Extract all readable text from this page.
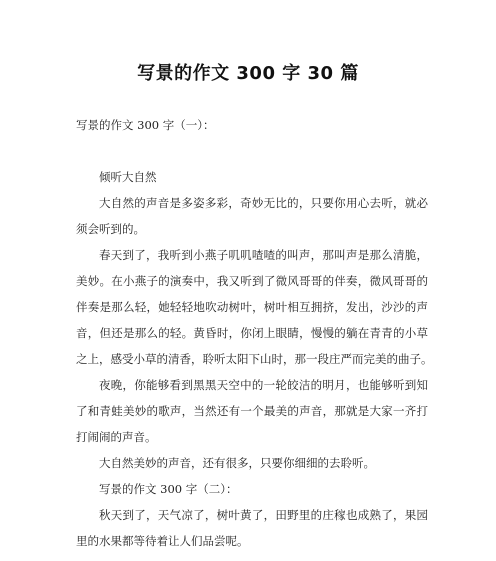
写景的作文 300 字 30 篇
写景的作文 300 字（一）：
倾听大自然
大自然的声音是多姿多彩，奇妙无比的，只要你用心去听，就必
须会听到的。
春天到了，我听到小燕子叽叽喳喳的叫声，那叫声是那么清脆，
美妙。在小燕子的演奏中，我又听到了微风哥哥的伴奏，微风哥哥的
伴奏是那么轻，她轻轻地吹动树叶，树叶相互拥挤，发出，沙沙的声
音，但还是那么的轻。黄昏时，你闭上眼睛，慢慢的躺在青青的小草
之上，感受小草的清香，聆听太阳下山时，那一段庄严而完美的曲子。
夜晚，你能够看到黑黑天空中的一轮皎洁的明月，也能够听到知
了和青蛙美妙的歌声，当然还有一个最美的声音，那就是大家一齐打
打闹闹的声音。
大自然美妙的声音，还有很多，只要你细细的去聆听。
写景的作文 300 字（二）：
秋天到了，天气凉了，树叶黄了，田野里的庄稼也成熟了，果园
里的水果都等待着让人们品尝呢。
